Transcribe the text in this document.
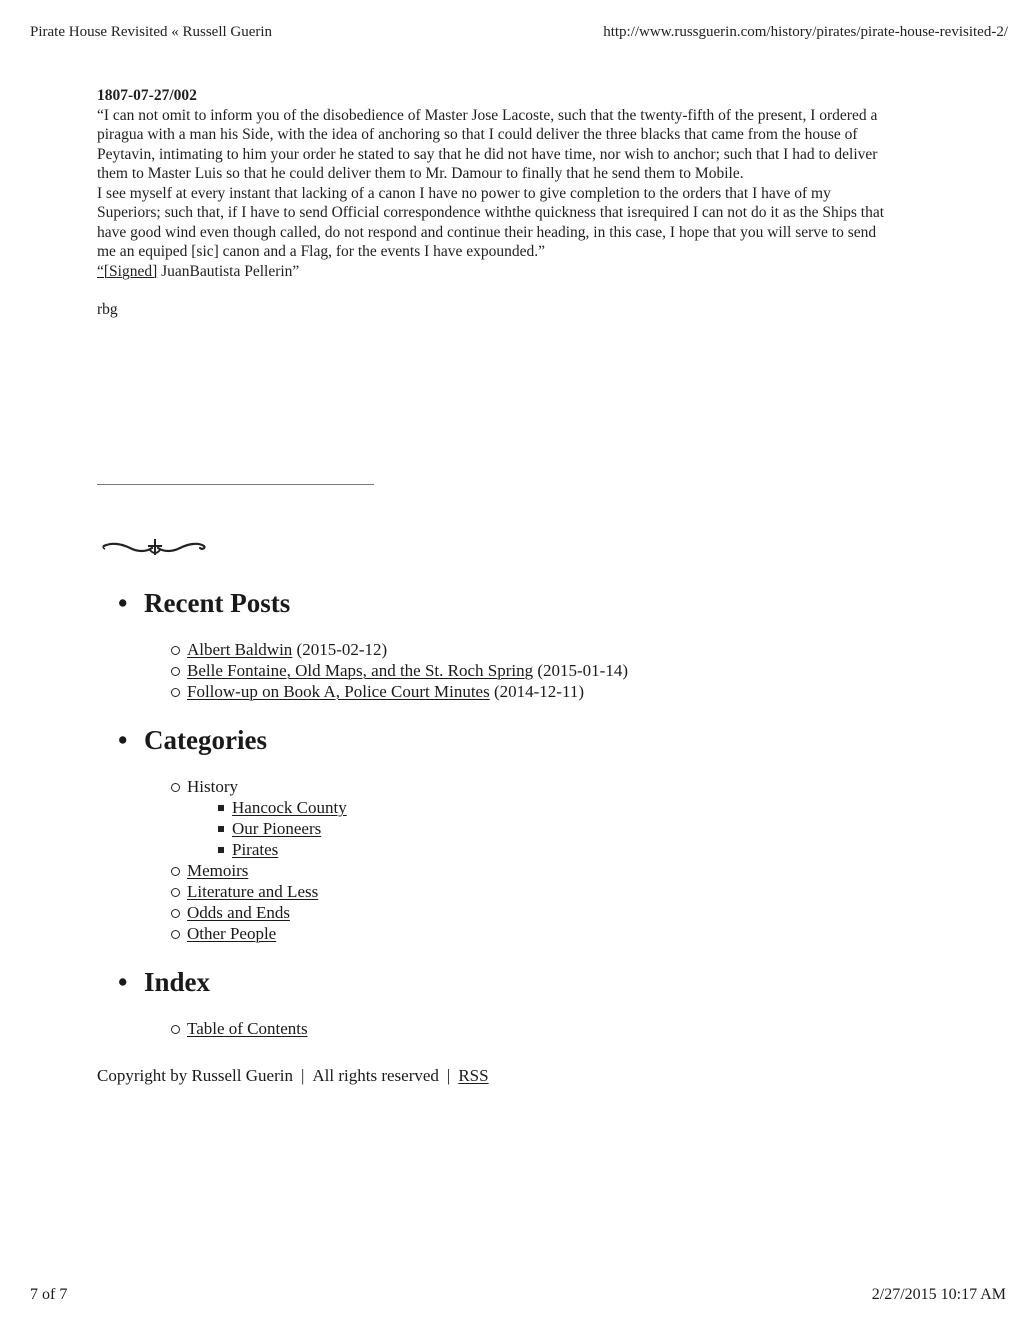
Pirate House Revisited « Russell Guerin	http://www.russguerin.com/history/pirates/pirate-house-revisited-2/

1807-07-27/002

“I can not omit to inform you of the disobedience of Master Jose Lacoste, such that the twenty-fifth of the present, I ordered a

piragua with a man his Side, with the idea of anchoring so that I could deliver the three blacks that came from the house of

Peytavin, intimating to him your order he stated to say that he did not have time, nor wish to anchor; such that I had to deliver

them to Master Luis so that he could deliver them to Mr. Damour to finally that he send them to Mobile.

I see myself at every instant that lacking of a canon I have no power to give completion to the orders that I have of my

Superiors; such that, if I have to send Official correspondence withthe quickness that isrequired I can not do it as the Ships that

have good wind even though called, do not respond and continue their heading, in this case, I hope that you will serve to send

me an equiped [sic] canon and a Flag, for the events I have expounded.”

“[Signed] JuanBautista Pellerin”

rbg
• Recent Posts
Albert Baldwin (2015-02-12)
Belle Fontaine, Old Maps, and the St. Roch Spring (2015-01-14)
Follow-up on Book A, Police Court Minutes (2014-12-11)
• Categories
History
Hancock County
Our Pioneers
Pirates
Memoirs
Literature and Less
Odds and Ends
Other People
• Index
Table of Contents
Copyright by Russell Guerin | All rights reserved | RSS
7 of 7	2/27/2015 10:17 AM
